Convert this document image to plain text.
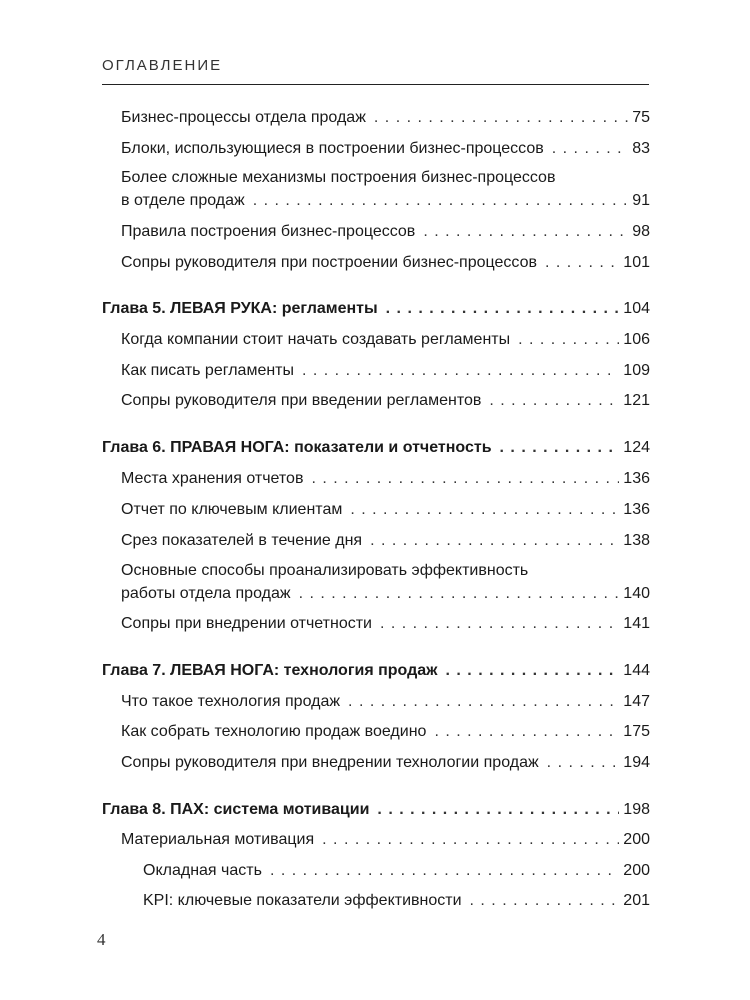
ОГЛАВЛЕНИЕ
Бизнес-процессы отдела продаж . . .	75
Блоки, использующиеся в построении бизнес-процессов . . .	83
Более сложные механизмы построения бизнес-процессов
в отделе продаж . . .	91
Правила построения бизнес-процессов . . .	98
Сопры руководителя при построении бизнес-процессов . . .	101
Глава 5. ЛЕВАЯ РУКА: регламенты . . .	104
Когда компании стоит начать создавать регламенты . . .	106
Как писать регламенты . . .	109
Сопры руководителя при введении регламентов . . .	121
Глава 6. ПРАВАЯ НОГА: показатели и отчетность . . .	124
Места хранения отчетов . . .	136
Отчет по ключевым клиентам . . .	136
Срез показателей в течение дня . . .	138
Основные способы проанализировать эффективность
работы отдела продаж . . .	140
Сопры при внедрении отчетности . . .	141
Глава 7. ЛЕВАЯ НОГА: технология продаж . . .	144
Что такое технология продаж . . .	147
Как собрать технологию продаж воедино . . .	175
Сопры руководителя при внедрении технологии продаж . . .	194
Глава 8. ПАХ: система мотивации . . .	198
Материальная мотивация . . .	200
Окладная часть . . .	200
KPI: ключевые показатели эффективности . . .	201
4
